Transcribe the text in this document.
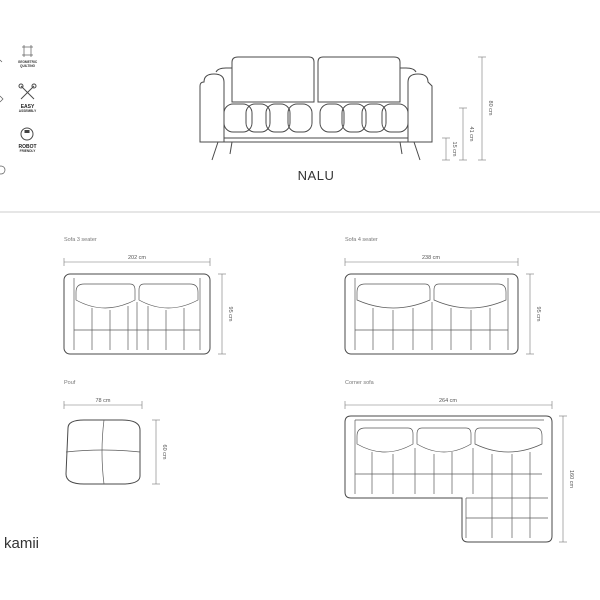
GEOMETRIC
QUILTING
EASY
ASSEMBLY
ROBOT
FRIENDLY
80 cm
41 cm
15 cm
NALU
Sofa 3 seater
202 cm
95 cm
Sofa 4 seater
238 cm
95 cm
Pouf
78 cm
60 cm
Corner sofa
264 cm
160 cm
kamii
